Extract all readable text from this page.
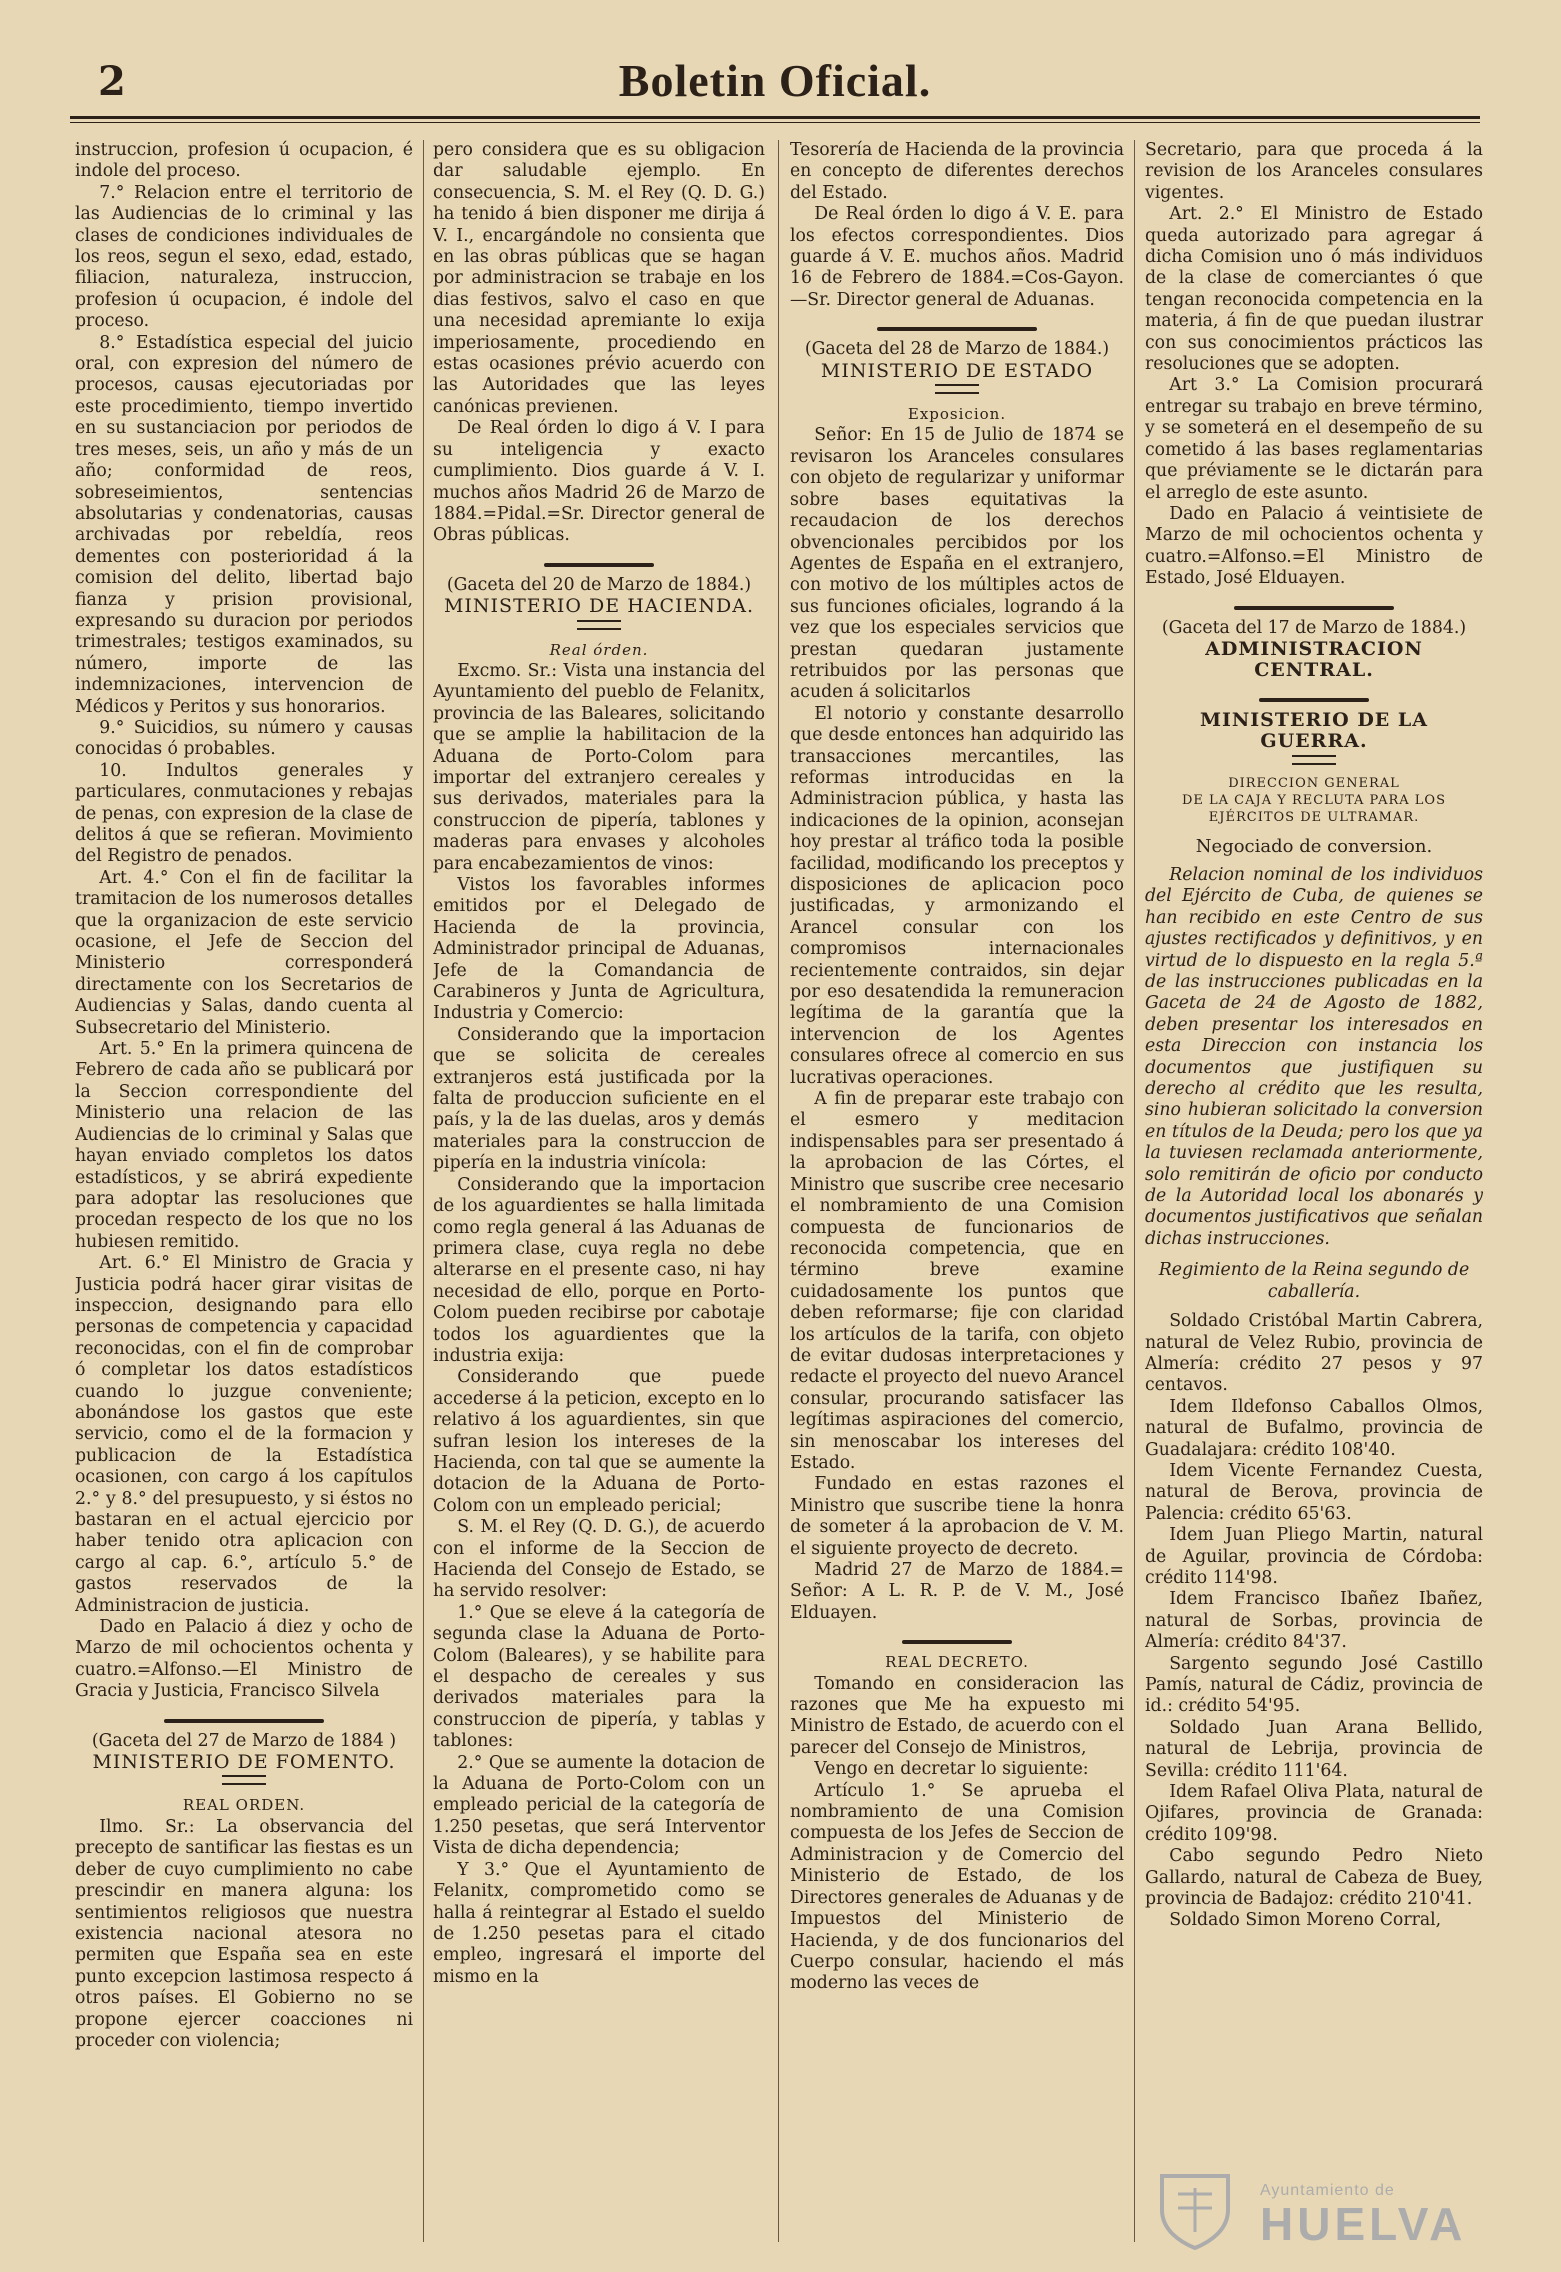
2	Boletin Oficial.

instruccion, profesion ú ocupacion, é indole del proceso.

7.° Relacion entre el territorio de las Audiencias de lo criminal y las clases de condiciones individuales de los reos, segun el sexo, edad, estado, filiacion, naturaleza, instruccion, profesion ú ocupacion, é indole del proceso.

8.° Estadística especial del juicio oral, con expresion del número de procesos, causas ejecutoriadas por este procedimiento, tiempo invertido en su sustanciacion por periodos de tres meses, seis, un año y más de un año; conformidad de reos, sobreseimientos, sentencias absolutarias y condenatorias, causas archivadas por rebeldía, reos dementes con posterioridad á la comision del delito, libertad bajo fianza y prision provisional, expresando su duracion por periodos trimestrales; testigos examinados, su número, importe de las indemnizaciones, intervencion de Médicos y Peritos y sus honorarios.

9.° Suicidios, su número y causas conocidas ó probables.

10. Indultos generales y particulares, conmutaciones y rebajas de penas, con expresion de la clase de delitos á que se refieran. Movimiento del Registro de penados.

Art. 4.° Con el fin de facilitar la tramitacion de los numerosos detalles que la organizacion de este servicio ocasione, el Jefe de Seccion del Ministerio corresponderá directamente con los Secretarios de Audiencias y Salas, dando cuenta al Subsecretario del Ministerio.

Art. 5.° En la primera quincena de Febrero de cada año se publicará por la Seccion correspondiente del Ministerio una relacion de las Audiencias de lo criminal y Salas que hayan enviado completos los datos estadísticos, y se abrirá expediente para adoptar las resoluciones que procedan respecto de los que no los hubiesen remitido.

Art. 6.° El Ministro de Gracia y Justicia podrá hacer girar visitas de inspeccion, designando para ello personas de competencia y capacidad reconocidas, con el fin de comprobar ó completar los datos estadísticos cuando lo juzgue conveniente; abonándose los gastos que este servicio, como el de la formacion y publicacion de la Estadística ocasionen, con cargo á los capítulos 2.° y 8.° del presupuesto, y si éstos no bastaran en el actual ejercicio por haber tenido otra aplicacion con cargo al cap. 6.°, artículo 5.° de gastos reservados de la Administracion de justicia.

Dado en Palacio á diez y ocho de Marzo de mil ochocientos ochenta y cuatro.=Alfonso.—El Ministro de Gracia y Justicia, Francisco Silvela

(Gaceta del 27 de Marzo de 1884 )

MINISTERIO DE FOMENTO.

REAL ORDEN.

Ilmo. Sr.: La observancia del precepto de santificar las fiestas es un deber de cuyo cumplimiento no cabe prescindir en manera alguna: los sentimientos religiosos que nuestra existencia nacional atesora no permiten que España sea en este punto excepcion lastimosa respecto á otros países. El Gobierno no se propone ejercer coacciones ni proceder con violencia;

pero considera que es su obligacion dar saludable ejemplo. En consecuencia, S. M. el Rey (Q. D. G.) ha tenido á bien disponer me dirija á V. I., encargándole no consienta que en las obras públicas que se hagan por administracion se trabaje en los dias festivos, salvo el caso en que una necesidad apremiante lo exija imperiosamente, procediendo en estas ocasiones prévio acuerdo con las Autoridades que las leyes canónicas previenen.

De Real órden lo digo á V. I para su inteligencia y exacto cumplimiento. Dios guarde á V. I. muchos años Madrid 26 de Marzo de 1884.=Pidal.=Sr. Director general de Obras públicas.

(Gaceta del 20 de Marzo de 1884.)

MINISTERIO DE HACIENDA.

Real órden.

Excmo. Sr.: Vista una instancia del Ayuntamiento del pueblo de Felanitx, provincia de las Baleares, solicitando que se amplie la habilitacion de la Aduana de Porto-Colom para importar del extranjero cereales y sus derivados, materiales para la construccion de pipería, tablones y maderas para envases y alcoholes para encabezamientos de vinos:

Vistos los favorables informes emitidos por el Delegado de Hacienda de la provincia, Administrador principal de Aduanas, Jefe de la Comandancia de Carabineros y Junta de Agricultura, Industria y Comercio:

Considerando que la importacion que se solicita de cereales extranjeros está justificada por la falta de produccion suficiente en el país, y la de las duelas, aros y demás materiales para la construccion de pipería en la industria vinícola:

Considerando que la importacion de los aguardientes se halla limitada como regla general á las Aduanas de primera clase, cuya regla no debe alterarse en el presente caso, ni hay necesidad de ello, porque en Porto-Colom pueden recibirse por cabotaje todos los aguardientes que la industria exija:

Considerando que puede accederse á la peticion, excepto en lo relativo á los aguardientes, sin que sufran lesion los intereses de la Hacienda, con tal que se aumente la dotacion de la Aduana de Porto-Colom con un empleado pericial;

S. M. el Rey (Q. D. G.), de acuerdo con el informe de la Seccion de Hacienda del Consejo de Estado, se ha servido resolver:

1.° Que se eleve á la categoría de segunda clase la Aduana de Porto-Colom (Baleares), y se habilite para el despacho de cereales y sus derivados materiales para la construccion de pipería, y tablas y tablones:

2.° Que se aumente la dotacion de la Aduana de Porto-Colom con un empleado pericial de la categoría de 1.250 pesetas, que será Interventor Vista de dicha dependencia;

Y 3.° Que el Ayuntamiento de Felanitx, comprometido como se halla á reintegrar al Estado el sueldo de 1.250 pesetas para el citado empleo, ingresará el importe del mismo en la

Tesorería de Hacienda de la provincia en concepto de diferentes derechos del Estado.

De Real órden lo digo á V. E. para los efectos correspondientes. Dios guarde á V. E. muchos años. Madrid 16 de Febrero de 1884.=Cos-Gayon.—Sr. Director general de Aduanas.

(Gaceta del 28 de Marzo de 1884.)

MINISTERIO DE ESTADO

Exposicion.

Señor: En 15 de Julio de 1874 se revisaron los Aranceles consulares con objeto de regularizar y uniformar sobre bases equitativas la recaudacion de los derechos obvencionales percibidos por los Agentes de España en el extranjero, con motivo de los múltiples actos de sus funciones oficiales, logrando á la vez que los especiales servicios que prestan quedaran justamente retribuidos por las personas que acuden á solicitarlos

El notorio y constante desarrollo que desde entonces han adquirido las transacciones mercantiles, las reformas introducidas en la Administracion pública, y hasta las indicaciones de la opinion, aconsejan hoy prestar al tráfico toda la posible facilidad, modificando los preceptos y disposiciones de aplicacion poco justificadas, y armonizando el Arancel consular con los compromisos internacionales recientemente contraidos, sin dejar por eso desatendida la remuneracion legítima de la garantía que la intervencion de los Agentes consulares ofrece al comercio en sus lucrativas operaciones.

A fin de preparar este trabajo con el esmero y meditacion indispensables para ser presentado á la aprobacion de las Córtes, el Ministro que suscribe cree necesario el nombramiento de una Comision compuesta de funcionarios de reconocida competencia, que en término breve examine cuidadosamente los puntos que deben reformarse; fije con claridad los artículos de la tarifa, con objeto de evitar dudosas interpretaciones y redacte el proyecto del nuevo Arancel consular, procurando satisfacer las legítimas aspiraciones del comercio, sin menoscabar los intereses del Estado.

Fundado en estas razones el Ministro que suscribe tiene la honra de someter á la aprobacion de V. M. el siguiente proyecto de decreto.

Madrid 27 de Marzo de 1884.= Señor: A L. R. P. de V. M., José Elduayen.

REAL DECRETO.

Tomando en consideracion las razones que Me ha expuesto mi Ministro de Estado, de acuerdo con el parecer del Consejo de Ministros,

Vengo en decretar lo siguiente:

Artículo 1.° Se aprueba el nombramiento de una Comision compuesta de los Jefes de Seccion de Administracion y de Comercio del Ministerio de Estado, de los Directores generales de Aduanas y de Impuestos del Ministerio de Hacienda, y de dos funcionarios del Cuerpo consular, haciendo el más moderno las veces de

Secretario, para que proceda á la revision de los Aranceles consulares vigentes.

Art. 2.° El Ministro de Estado queda autorizado para agregar á dicha Comision uno ó más individuos de la clase de comerciantes ó que tengan reconocida competencia en la materia, á fin de que puedan ilustrar con sus conocimientos prácticos las resoluciones que se adopten.

Art 3.° La Comision procurará entregar su trabajo en breve término, y se someterá en el desempeño de su cometido á las bases reglamentarias que préviamente se le dictarán para el arreglo de este asunto.

Dado en Palacio á veintisiete de Marzo de mil ochocientos ochenta y cuatro.=Alfonso.=El Ministro de Estado, José Elduayen.

(Gaceta del 17 de Marzo de 1884.)

ADMINISTRACION CENTRAL.

MINISTERIO DE LA GUERRA.

DIRECCION GENERAL

DE LA CAJA Y RECLUTA PARA LOS EJÉRCITOS DE ULTRAMAR.

Negociado de conversion.

Relacion nominal de los individuos del Ejército de Cuba, de quienes se han recibido en este Centro de sus ajustes rectificados y definitivos, y en virtud de lo dispuesto en la regla 5.ª de las instrucciones publicadas en la Gaceta de 24 de Agosto de 1882, deben presentar los interesados en esta Direccion con instancia los documentos que justifiquen su derecho al crédito que les resulta, sino hubieran solicitado la conversion en títulos de la Deuda; pero los que ya la tuviesen reclamada anteriormente, solo remitirán de oficio por conducto de la Autoridad local los abonarés y documentos justificativos que señalan dichas instrucciones.

Regimiento de la Reina segundo de caballería.

Soldado Cristóbal Martin Cabrera, natural de Velez Rubio, provincia de Almería: crédito 27 pesos y 97 centavos.

Idem Ildefonso Caballos Olmos, natural de Bufalmo, provincia de Guadalajara: crédito 108'40.

Idem Vicente Fernandez Cuesta, natural de Berova, provincia de Palencia: crédito 65'63.

Idem Juan Pliego Martin, natural de Aguilar, provincia de Córdoba: crédito 114'98.

Idem Francisco Ibañez Ibañez, natural de Sorbas, provincia de Almería: crédito 84'37.

Sargento segundo José Castillo Pamís, natural de Cádiz, provincia de id.: crédito 54'95.

Soldado Juan Arana Bellido, natural de Lebrija, provincia de Sevilla: crédito 111'64.

Idem Rafael Oliva Plata, natural de Ojifares, provincia de Granada: crédito 109'98.

Cabo segundo Pedro Nieto Gallardo, natural de Cabeza de Buey, provincia de Badajoz: crédito 210'41.

Soldado Simon Moreno Corral,

Ayuntamiento de
HUELVA
